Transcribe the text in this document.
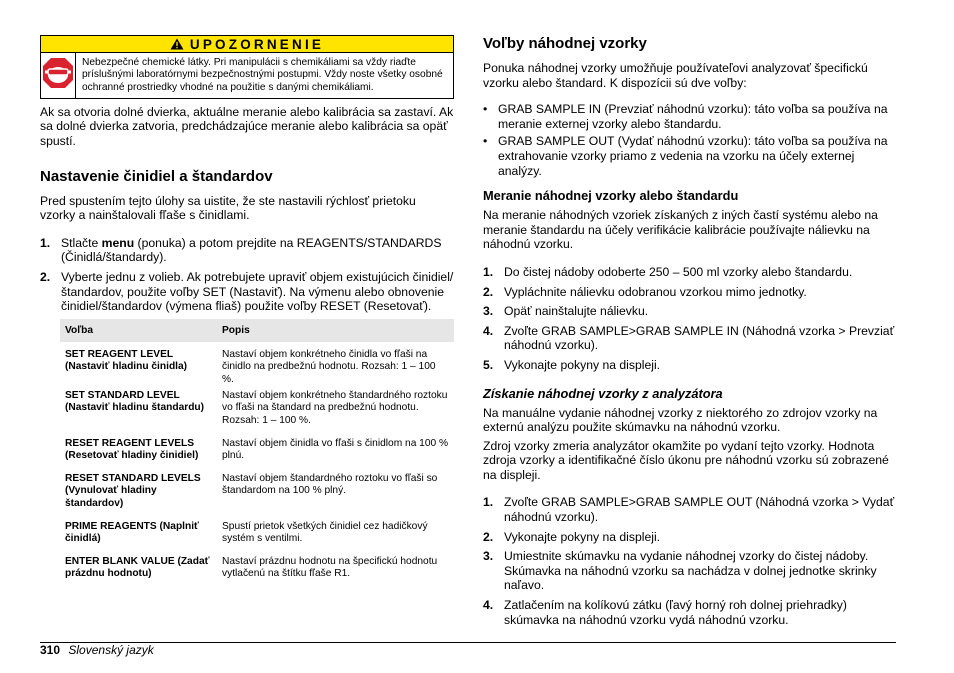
UPOZORNENIE
Nebezpečné chemické látky. Pri manipulácii s chemikáliami sa vždy riaďte príslušnými laboratórnymi bezpečnostnými postupmi. Vždy noste všetky osobné ochranné prostriedky vhodné na použitie s danými chemikáliami.

Ak sa otvoria dolné dvierka, aktuálne meranie alebo kalibrácia sa zastaví. Ak sa dolné dvierka zatvoria, predchádzajúce meranie alebo kalibrácia sa opäť spustí.

Nastavenie činidiel a štandardov

Pred spustením tejto úlohy sa uistite, že ste nastavili rýchlosť prietoku vzorky a nainštalovali fľaše s činidlami.

1. Stlačte menu (ponuka) a potom prejdite na REAGENTS/STANDARDS (Činidlá/štandardy).
2. Vyberte jednu z volieb. Ak potrebujete upraviť objem existujúcich činidiel/štandardov, použite voľby SET (Nastaviť). Na výmenu alebo obnovenie činidiel/štandardov (výmena fliaš) použite voľby RESET (Resetovať).
Voľba	Popis
SET REAGENT LEVEL (Nastaviť hladinu činidla)	Nastaví objem konkrétneho činidla vo fľaši na činidlo na predbežnú hodnotu. Rozsah: 1 – 100 %.
SET STANDARD LEVEL (Nastaviť hladinu štandardu)	Nastaví objem konkrétneho štandardného roztoku vo fľaši na štandard na predbežnú hodnotu. Rozsah: 1 – 100 %.
RESET REAGENT LEVELS (Resetovať hladiny činidiel)	Nastaví objem činidla vo fľaši s činidlom na 100 % plnú.
RESET STANDARD LEVELS (Vynulovať hladiny štandardov)	Nastaví objem štandardného roztoku vo fľaši so štandardom na 100 % plný.
PRIME REAGENTS (Naplniť činidlá)	Spustí prietok všetkých činidiel cez hadičkový systém s ventilmi.
ENTER BLANK VALUE (Zadať prázdnu hodnotu)	Nastaví prázdnu hodnotu na špecifickú hodnotu vytlačenú na štítku fľaše R1.
Voľby náhodnej vzorky

Ponuka náhodnej vzorky umožňuje používateľovi analyzovať špecifickú vzorku alebo štandard. K dispozícii sú dve voľby:

• GRAB SAMPLE IN (Prevziať náhodnú vzorku): táto voľba sa používa na meranie externej vzorky alebo štandardu.
• GRAB SAMPLE OUT (Vydať náhodnú vzorku): táto voľba sa používa na extrahovanie vzorky priamo z vedenia na vzorku na účely externej analýzy.
Meranie náhodnej vzorky alebo štandardu

Na meranie náhodných vzoriek získaných z iných častí systému alebo na meranie štandardu na účely verifikácie kalibrácie používajte nálievku na náhodnú vzorku.

1. Do čistej nádoby odoberte 250 – 500 ml vzorky alebo štandardu.
2. Vypláchnite nálievku odobranou vzorkou mimo jednotky.
3. Opäť nainštalujte nálievku.
4. Zvoľte GRAB SAMPLE>GRAB SAMPLE IN (Náhodná vzorka > Prevziať náhodnú vzorku).
5. Vykonajte pokyny na displeji.
Získanie náhodnej vzorky z analyzátora

Na manuálne vydanie náhodnej vzorky z niektorého zo zdrojov vzorky na externú analýzu použite skúmavku na náhodnú vzorku.

Zdroj vzorky zmeria analyzátor okamžite po vydaní tejto vzorky. Hodnota zdroja vzorky a identifikačné číslo úkonu pre náhodnú vzorku sú zobrazené na displeji.

1. Zvoľte GRAB SAMPLE>GRAB SAMPLE OUT (Náhodná vzorka > Vydať náhodnú vzorku).
2. Vykonajte pokyny na displeji.
3. Umiestnite skúmavku na vydanie náhodnej vzorky do čistej nádoby. Skúmavka na náhodnú vzorku sa nachádza v dolnej jednotke skrinky naľavo.
4. Zatlačením na kolíkovú zátku (ľavý horný roh dolnej priehradky) skúmavka na náhodnú vzorku vydá náhodnú vzorku.
310 Slovenský jazyk
